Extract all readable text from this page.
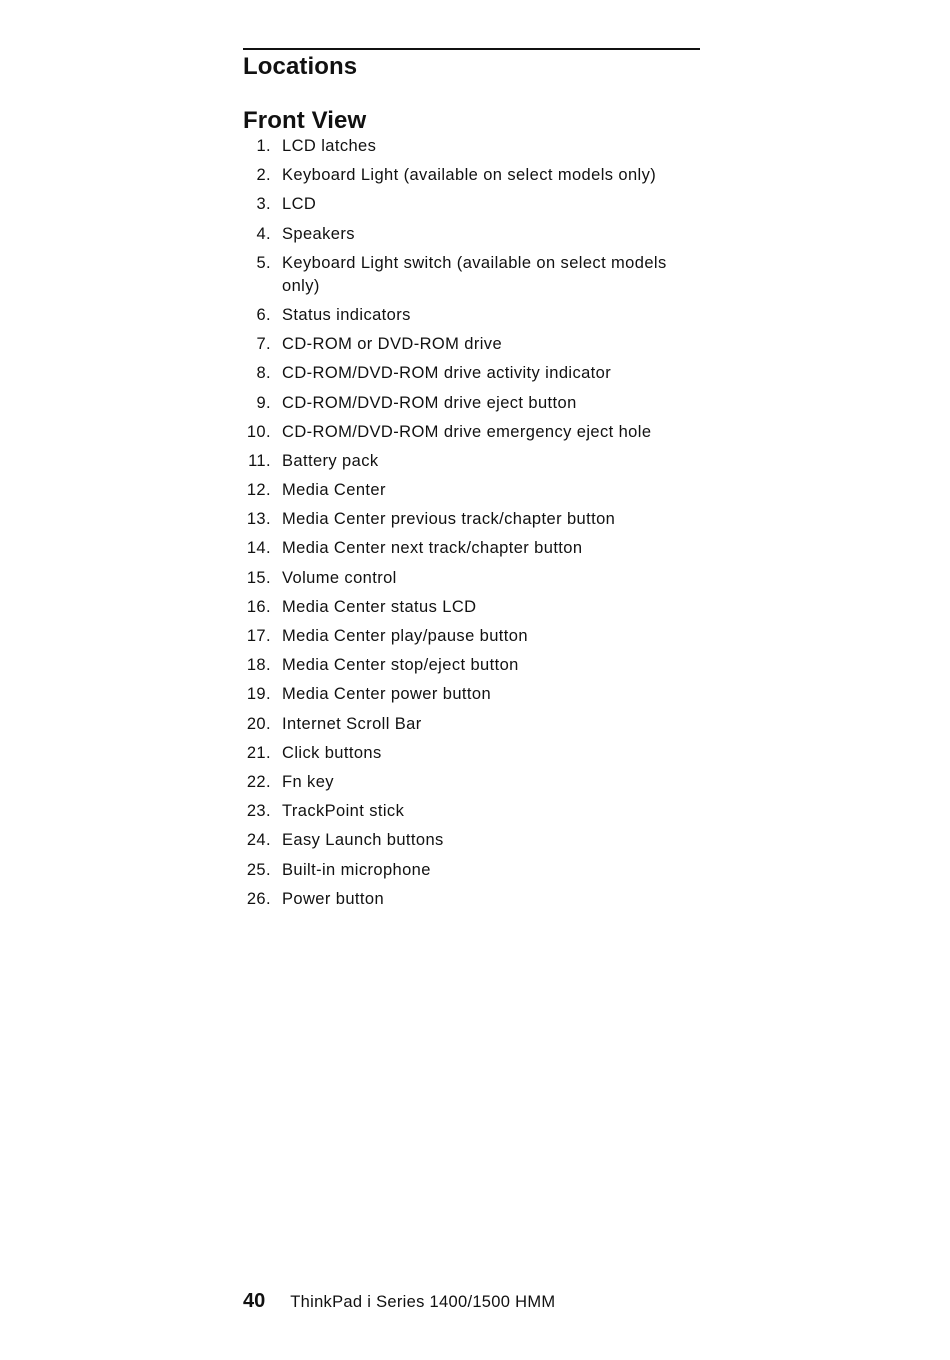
Locations
Front View
1. LCD latches
2. Keyboard Light (available on select models only)
3. LCD
4. Speakers
5. Keyboard Light switch (available on select models only)
6. Status indicators
7. CD-ROM or DVD-ROM drive
8. CD-ROM/DVD-ROM drive activity indicator
9. CD-ROM/DVD-ROM drive eject button
10. CD-ROM/DVD-ROM drive emergency eject hole
11. Battery pack
12. Media Center
13. Media Center previous track/chapter button
14. Media Center next track/chapter button
15. Volume control
16. Media Center status LCD
17. Media Center play/pause button
18. Media Center stop/eject button
19. Media Center power button
20. Internet Scroll Bar
21. Click buttons
22. Fn key
23. TrackPoint stick
24. Easy Launch buttons
25. Built-in microphone
26. Power button
40 ThinkPad i Series 1400/1500 HMM
